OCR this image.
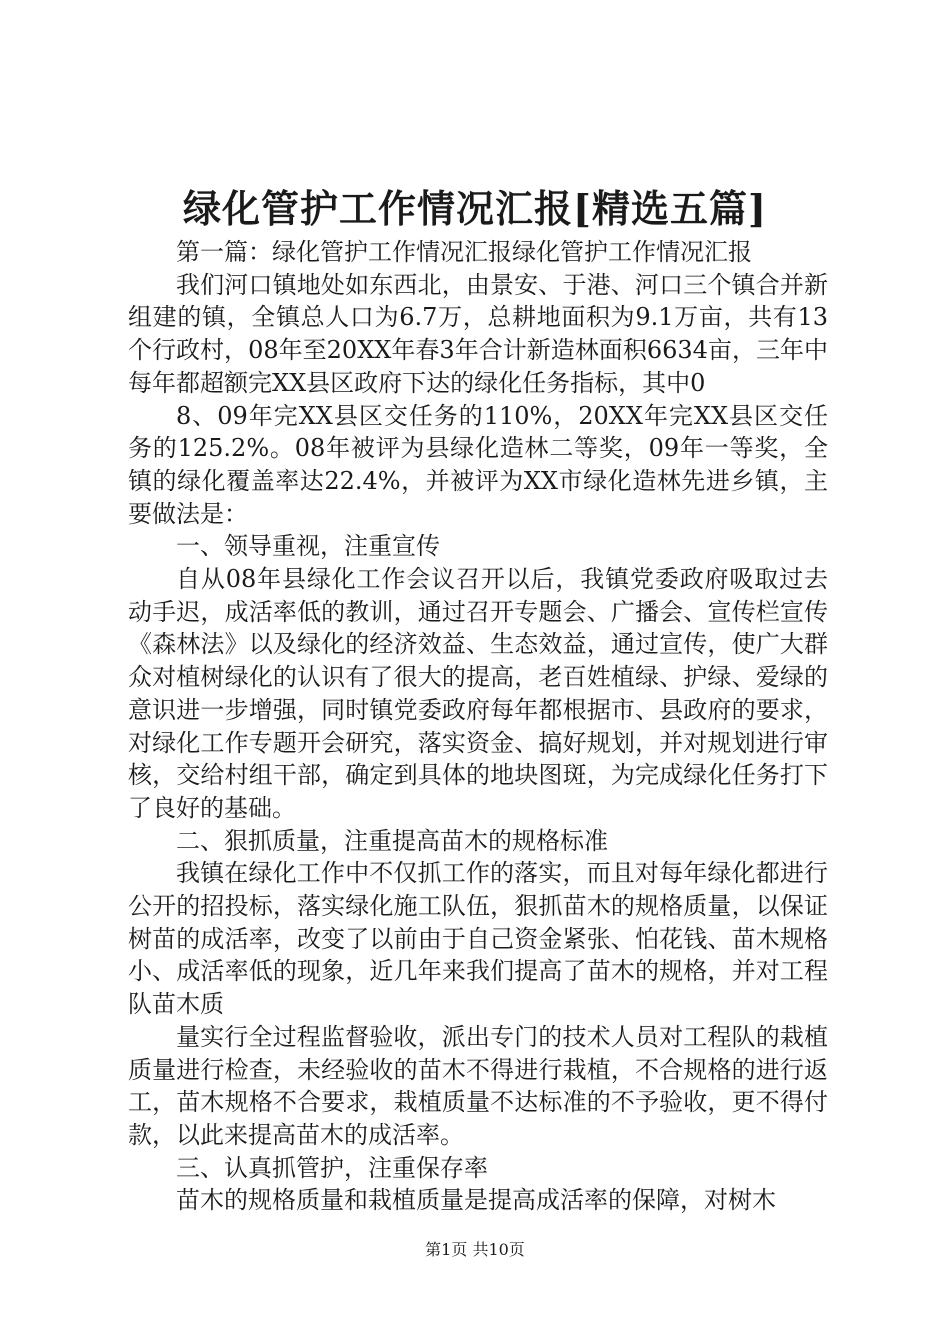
绿化管护工作情况汇报[精选五篇]

第一篇：绿化管护工作情况汇报绿化管护工作情况汇报

我们河口镇地处如东西北，由景安、于港、河口三个镇合并新组建的镇，全镇总人口为6.7万，总耕地面积为9.1万亩，共有13个行政村，08年至20XX年春3年合计新造林面积6634亩，三年中每年都超额完XX县区政府下达的绿化任务指标，其中0

8、09年完XX县区交任务的110%，20XX年完XX县区交任务的125.2%。08年被评为县绿化造林二等奖，09年一等奖，全镇的绿化覆盖率达22.4%，并被评为XX市绿化造林先进乡镇，主要做法是：

一、领导重视，注重宣传

自从08年县绿化工作会议召开以后，我镇党委政府吸取过去动手迟，成活率低的教训，通过召开专题会、广播会、宣传栏宣传《森林法》以及绿化的经济效益、生态效益，通过宣传，使广大群众对植树绿化的认识有了很大的提高，老百姓植绿、护绿、爱绿的意识进一步增强，同时镇党委政府每年都根据市、县政府的要求，对绿化工作专题开会研究，落实资金、搞好规划，并对规划进行审核，交给村组干部，确定到具体的地块图斑，为完成绿化任务打下了良好的基础。

二、狠抓质量，注重提高苗木的规格标准

我镇在绿化工作中不仅抓工作的落实，而且对每年绿化都进行公开的招投标，落实绿化施工队伍，狠抓苗木的规格质量，以保证树苗的成活率，改变了以前由于自己资金紧张、怕花钱、苗木规格小、成活率低的现象，近几年来我们提高了苗木的规格，并对工程队苗木质

量实行全过程监督验收，派出专门的技术人员对工程队的栽植质量进行检查，未经验收的苗木不得进行栽植，不合规格的进行返工，苗木规格不合要求，栽植质量不达标准的不予验收，更不得付款，以此来提高苗木的成活率。

三、认真抓管护，注重保存率

苗木的规格质量和栽植质量是提高成活率的保障，对树木

第1页 共10页
